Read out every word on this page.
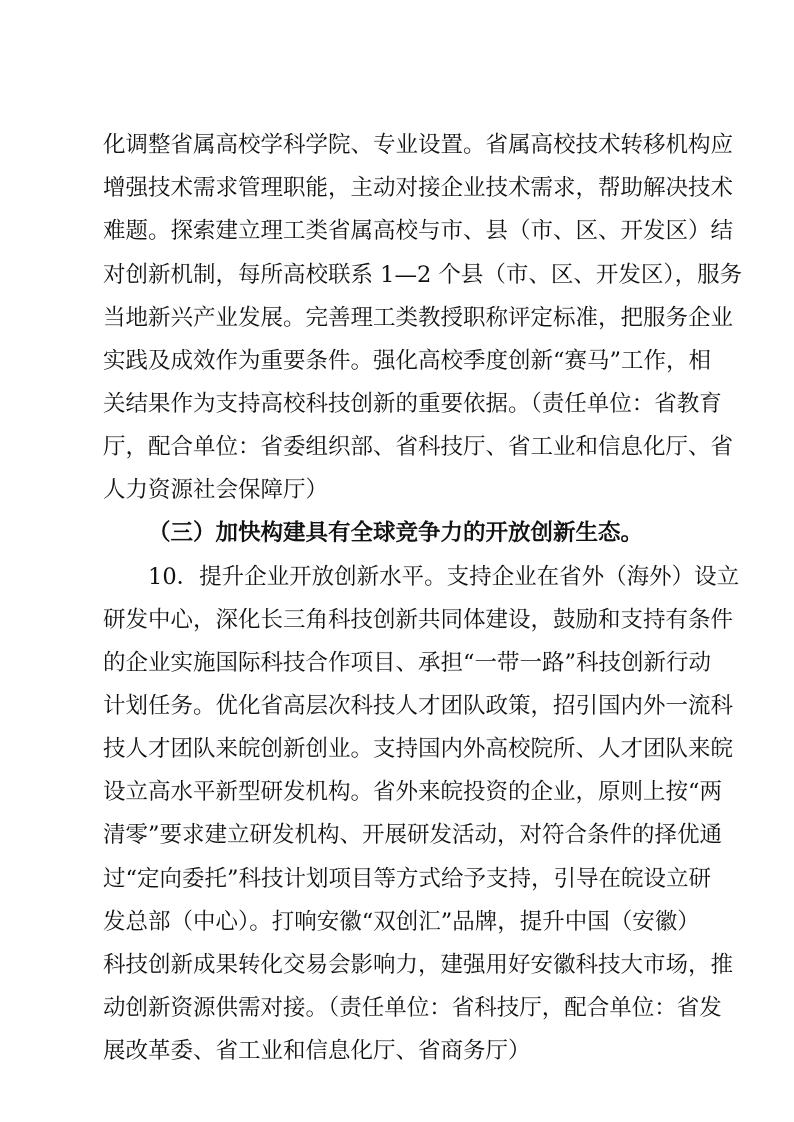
化调整省属高校学科学院、专业设置。省属高校技术转移机构应
增强技术需求管理职能，主动对接企业技术需求，帮助解决技术
难题。探索建立理工类省属高校与市、县（市、区、开发区）结
对创新机制，每所高校联系 1—2 个县（市、区、开发区），服务
当地新兴产业发展。完善理工类教授职称评定标准，把服务企业
实践及成效作为重要条件。强化高校季度创新“赛马”工作，相
关结果作为支持高校科技创新的重要依据。（责任单位：省教育
厅，配合单位：省委组织部、省科技厅、省工业和信息化厅、省
人力资源社会保障厅）
（三）加快构建具有全球竞争力的开放创新生态。
10．提升企业开放创新水平。支持企业在省外（海外）设立
研发中心，深化长三角科技创新共同体建设，鼓励和支持有条件
的企业实施国际科技合作项目、承担“一带一路”科技创新行动
计划任务。优化省高层次科技人才团队政策，招引国内外一流科
技人才团队来皖创新创业。支持国内外高校院所、人才团队来皖
设立高水平新型研发机构。省外来皖投资的企业，原则上按“两
清零”要求建立研发机构、开展研发活动，对符合条件的择优通
过“定向委托”科技计划项目等方式给予支持，引导在皖设立研
发总部（中心）。打响安徽“双创汇”品牌，提升中国（安徽）
科技创新成果转化交易会影响力，建强用好安徽科技大市场，推
动创新资源供需对接。（责任单位：省科技厅，配合单位：省发
展改革委、省工业和信息化厅、省商务厅）
